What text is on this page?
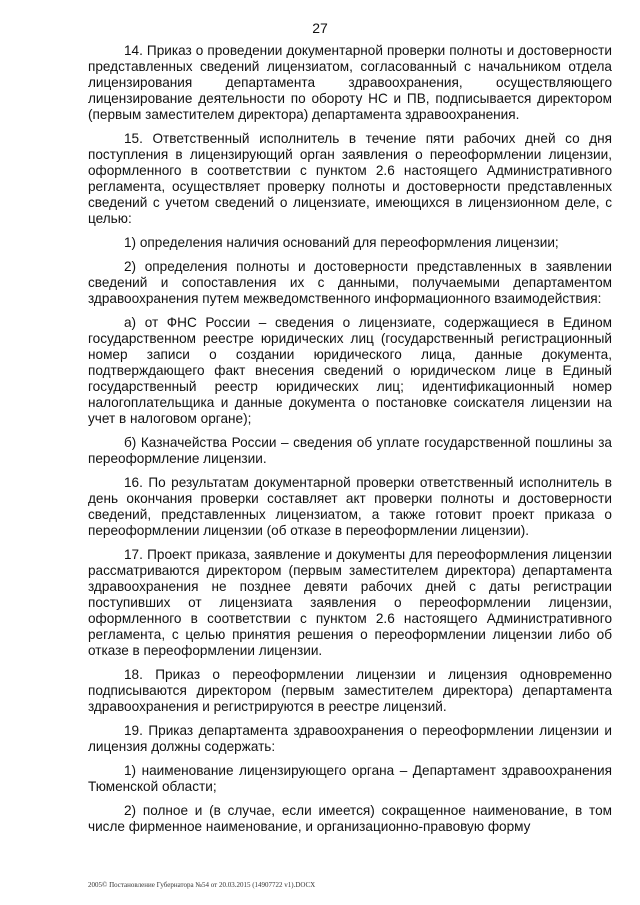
27

14. Приказ о проведении документарной проверки полноты и достоверности представленных сведений лицензиатом, согласованный с начальником отдела лицензирования департамента здравоохранения, осуществляющего лицензирование деятельности по обороту НС и ПВ, подписывается директором (первым заместителем директора) департамента здравоохранения.

15. Ответственный исполнитель в течение пяти рабочих дней со дня поступления в лицензирующий орган заявления о переоформлении лицензии, оформленного в соответствии с пунктом 2.6 настоящего Административного регламента, осуществляет проверку полноты и достоверности представленных сведений с учетом сведений о лицензиате, имеющихся в лицензионном деле, с целью:

1) определения наличия оснований для переоформления лицензии;

2) определения полноты и достоверности представленных в заявлении сведений и сопоставления их с данными, получаемыми департаментом здравоохранения путем межведомственного информационного взаимодействия:

а) от ФНС России – сведения о лицензиате, содержащиеся в Едином государственном реестре юридических лиц (государственный регистрационный номер записи о создании юридического лица, данные документа, подтверждающего факт внесения сведений о юридическом лице в Единый государственный реестр юридических лиц; идентификационный номер налогоплательщика и данные документа о постановке соискателя лицензии на учет в налоговом органе);

б) Казначейства России – сведения об уплате государственной пошлины за переоформление лицензии.

16. По результатам документарной проверки ответственный исполнитель в день окончания проверки составляет акт проверки полноты и достоверности сведений, представленных лицензиатом, а также готовит проект приказа о переоформлении лицензии (об отказе в переоформлении лицензии).

17. Проект приказа, заявление и документы для переоформления лицензии рассматриваются директором (первым заместителем директора) департамента здравоохранения не позднее девяти рабочих дней с даты регистрации поступивших от лицензиата заявления о переоформлении лицензии, оформленного в соответствии с пунктом 2.6 настоящего Административного регламента, с целью принятия решения о переоформлении лицензии либо об отказе в переоформлении лицензии.

18. Приказ о переоформлении лицензии и лицензия одновременно подписываются директором (первым заместителем директора) департамента здравоохранения и регистрируются в реестре лицензий.

19. Приказ департамента здравоохранения о переоформлении лицензии и лицензия должны содержать:

1) наименование лицензирующего органа – Департамент здравоохранения Тюменской области;

2) полное и (в случае, если имеется) сокращенное наименование, в том числе фирменное наименование, и организационно-правовую форму

2005© Постановление Губернатора №54 от 20.03.2015 (14907722 v1).DOCX
